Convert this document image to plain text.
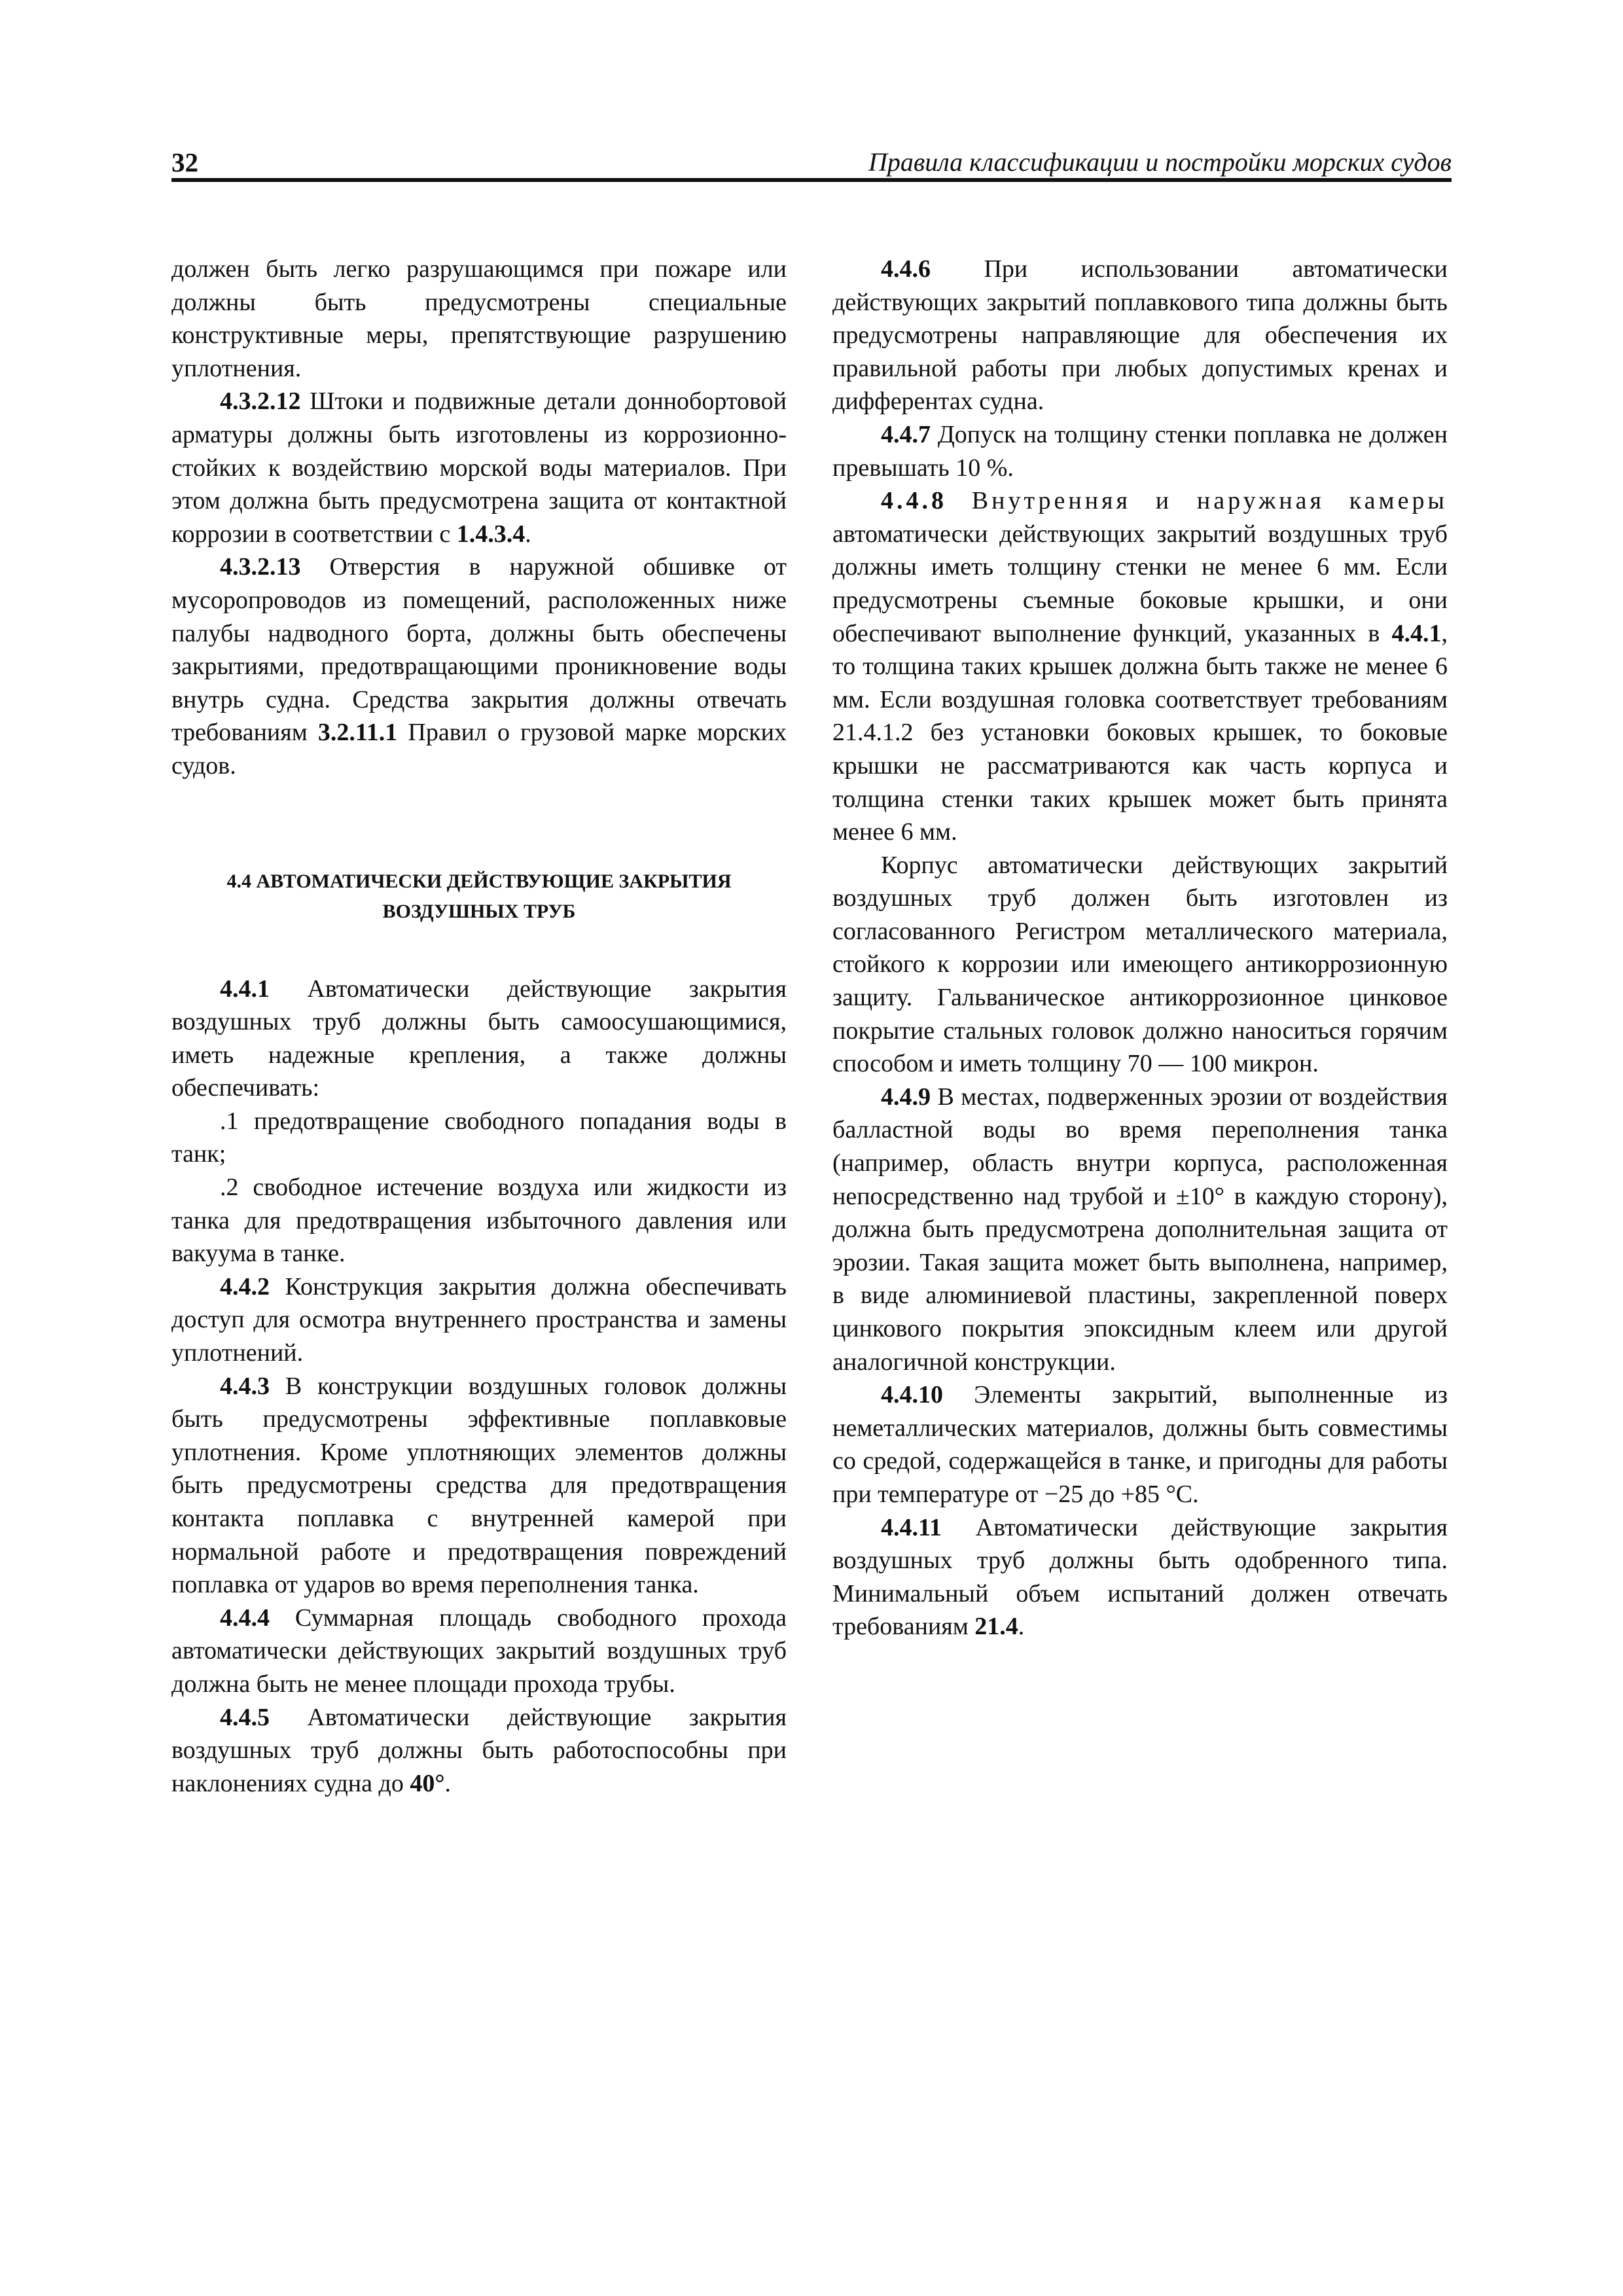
32	Правила классификации и постройки морских судов

должен быть легко разрушающимся при пожаре или должны быть предусмотрены специальные конструктивные меры, препятствующие разрушению уплотнения.

4.3.2.12 Штоки и подвижные детали доннобортовой арматуры должны быть изготовлены из коррозионно-стойких к воздействию морской воды материалов. При этом должна быть предусмотрена защита от контактной коррозии в соответствии с 1.4.3.4.

4.3.2.13 Отверстия в наружной обшивке от мусоропроводов из помещений, расположенных ниже палубы надводного борта, должны быть обеспечены закрытиями, предотвращающими проникновение воды внутрь судна. Средства закрытия должны отвечать требованиям 3.2.11.1 Правил о грузовой марке морских судов.

4.4 АВТОМАТИЧЕСКИ ДЕЙСТВУЮЩИЕ ЗАКРЫТИЯ
ВОЗДУШНЫХ ТРУБ

4.4.1 Автоматически действующие закрытия воздушных труб должны быть самоосушающимися, иметь надежные крепления, а также должны обеспечивать:

.1 предотвращение свободного попадания воды в танк;

.2 свободное истечение воздуха или жидкости из танка для предотвращения избыточного давления или вакуума в танке.

4.4.2 Конструкция закрытия должна обеспечивать доступ для осмотра внутреннего пространства и замены уплотнений.

4.4.3 В конструкции воздушных головок должны быть предусмотрены эффективные поплавковые уплотнения. Кроме уплотняющих элементов должны быть предусмотрены средства для предотвращения контакта поплавка с внутренней камерой при нормальной работе и предотвращения повреждений поплавка от ударов во время переполнения танка.

4.4.4 Суммарная площадь свободного прохода автоматически действующих закрытий воздушных труб должна быть не менее площади прохода трубы.

4.4.5 Автоматически действующие закрытия воздушных труб должны быть работоспособны при наклонениях судна до 40°.

4.4.6 При использовании автоматически действующих закрытий поплавкового типа должны быть предусмотрены направляющие для обеспечения их правильной работы при любых допустимых кренах и дифферентах судна.

4.4.7 Допуск на толщину стенки поплавка не должен превышать 10 %.

4.4.8 Внутренняя и наружная камеры автоматически действующих закрытий воздушных труб должны иметь толщину стенки не менее 6 мм. Если предусмотрены съемные боковые крышки, и они обеспечивают выполнение функций, указанных в 4.4.1, то толщина таких крышек должна быть также не менее 6 мм. Если воздушная головка соответствует требованиям 21.4.1.2 без установки боковых крышек, то боковые крышки не рассматриваются как часть корпуса и толщина стенки таких крышек может быть принята менее 6 мм.

Корпус автоматически действующих закрытий воздушных труб должен быть изготовлен из согласованного Регистром металлического материала, стойкого к коррозии или имеющего антикоррозионную защиту. Гальваническое антикоррозионное цинковое покрытие стальных головок должно наноситься горячим способом и иметь толщину 70 — 100 микрон.

4.4.9 В местах, подверженных эрозии от воздействия балластной воды во время переполнения танка (например, область внутри корпуса, расположенная непосредственно над трубой и ±10° в каждую сторону), должна быть предусмотрена дополнительная защита от эрозии. Такая защита может быть выполнена, например, в виде алюминиевой пластины, закрепленной поверх цинкового покрытия эпоксидным клеем или другой аналогичной конструкции.

4.4.10 Элементы закрытий, выполненные из неметаллических материалов, должны быть совместимы со средой, содержащейся в танке, и пригодны для работы при температуре от −25 до +85 °С.

4.4.11 Автоматически действующие закрытия воздушных труб должны быть одобренного типа. Минимальный объем испытаний должен отвечать требованиям 21.4.
